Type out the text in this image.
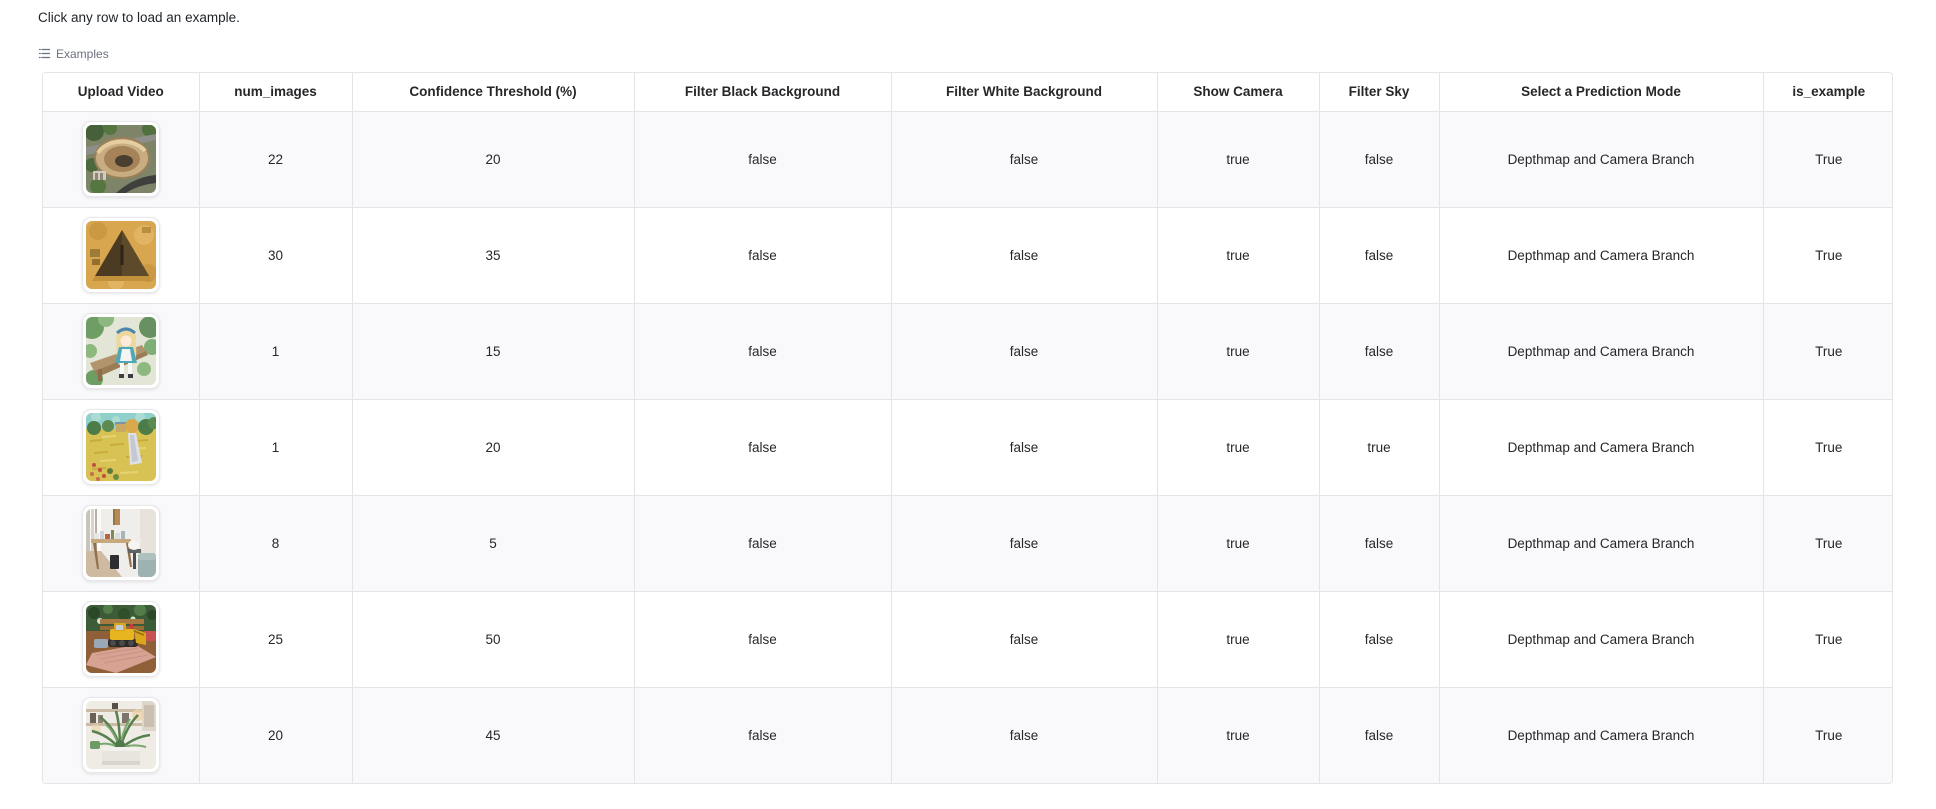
Click any row to load an example.
Examples
Upload Video	num_images	Confidence Threshold (%)	Filter Black Background	Filter White Background	Show Camera	Filter Sky	Select a Prediction Mode	is_example

	22	20	false	false	true	false	Depthmap and Camera Branch	True

	30	35	false	false	true	false	Depthmap and Camera Branch	True

	1	15	false	false	true	false	Depthmap and Camera Branch	True

	1	20	false	false	true	true	Depthmap and Camera Branch	True

	8	5	false	false	true	false	Depthmap and Camera Branch	True

	25	50	false	false	true	false	Depthmap and Camera Branch	True

	20	45	false	false	true	false	Depthmap and Camera Branch	True
